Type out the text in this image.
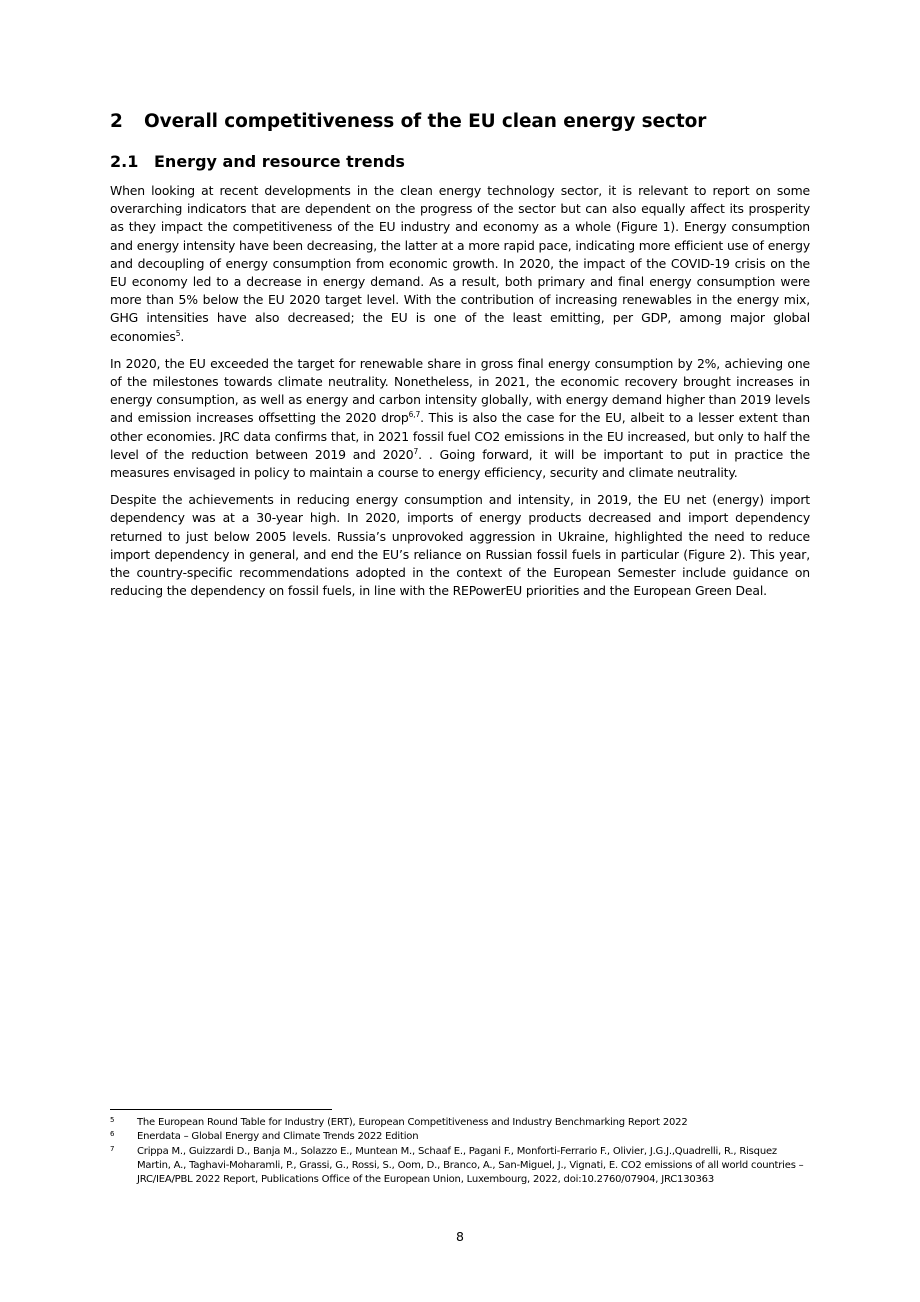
2	Overall competitiveness of the EU clean energy sector
2.1 Energy and resource trends

When looking at recent developments in the clean energy technology sector, it is relevant to report on some overarching indicators that are dependent on the progress of the sector but can also equally affect its prosperity as they impact the competitiveness of the EU industry and economy as a whole (Figure 1). Energy consumption and energy intensity have been decreasing, the latter at a more rapid pace, indicating more efficient use of energy and decoupling of energy consumption from economic growth. In 2020, the impact of the COVID-19 crisis on the EU economy led to a decrease in energy demand. As a result, both primary and final energy consumption were more than 5% below the EU 2020 target level. With the contribution of increasing renewables in the energy mix, GHG intensities have also decreased; the EU is one of the least emitting, per GDP, among major global economies$^5$.

In 2020, the EU exceeded the target for renewable share in gross final energy consumption by 2%, achieving one of the milestones towards climate neutrality. Nonetheless, in 2021, the economic recovery brought increases in energy consumption, as well as energy and carbon intensity globally, with energy demand higher than 2019 levels and emission increases offsetting the 2020 drop$^{6,7}$. This is also the case for the EU, albeit to a lesser extent than other economies. JRC data confirms that, in 2021 fossil fuel CO2 emissions in the EU increased, but only to half the level of the reduction between 2019 and 2020$^7$. . Going forward, it will be important to put in practice the measures envisaged in policy to maintain a course to energy efficiency, security and climate neutrality.

Despite the achievements in reducing energy consumption and intensity, in 2019, the EU net (energy) import dependency was at a 30-year high. In 2020, imports of energy products decreased and import dependency returned to just below 2005 levels. Russia’s unprovoked aggression in Ukraine, highlighted the need to reduce import dependency in general, and end the EU’s reliance on Russian fossil fuels in particular (Figure 2). This year, the country-specific recommendations adopted in the context of the European Semester include guidance on reducing the dependency on fossil fuels, in line with the REPowerEU priorities and the European Green Deal.

5	The European Round Table for Industry (ERT), European Competitiveness and Industry Benchmarking Report 2022
6	Enerdata – Global Energy and Climate Trends 2022 Edition
7	Crippa M., Guizzardi D., Banja M., Solazzo E., Muntean M., Schaaf E., Pagani F., Monforti-Ferrario F., Olivier, J.G.J.,Quadrelli, R., Risquez Martin, A., Taghavi-Moharamli, P., Grassi, G., Rossi, S., Oom, D., Branco, A., San-Miguel, J., Vignati, E. CO2 emissions of all world countries – JRC/IEA/PBL 2022 Report, Publications Office of the European Union, Luxembourg, 2022, doi:10.2760/07904, JRC130363
8
